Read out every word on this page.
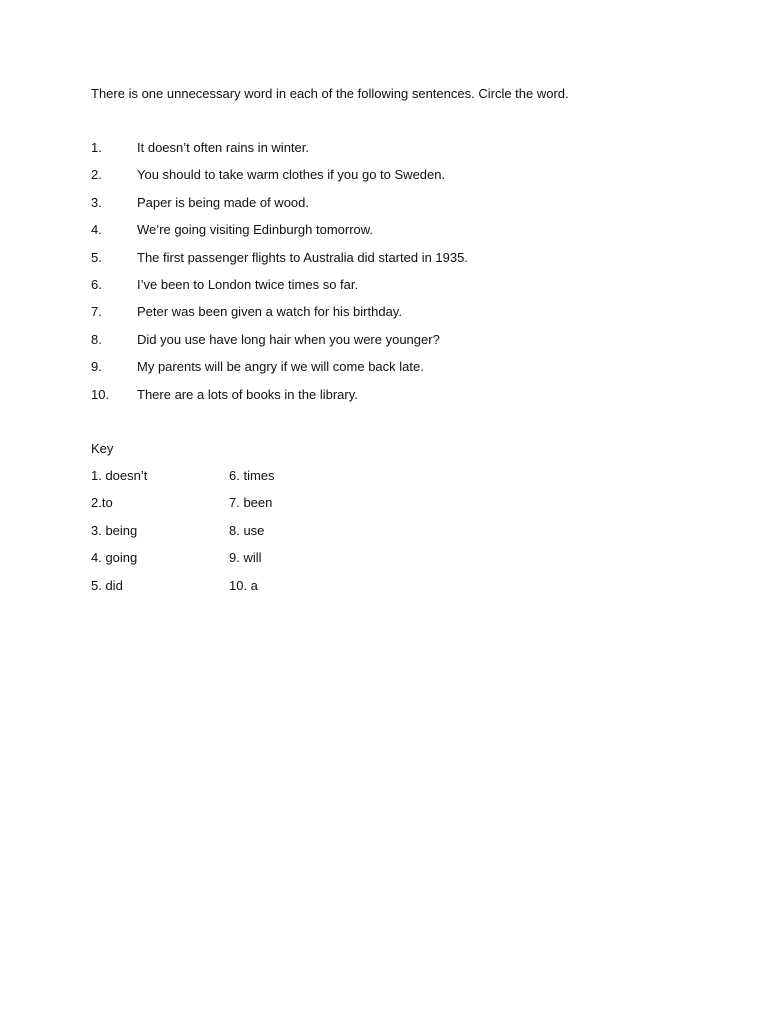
There is one unnecessary word in each of the following sentences. Circle the word.
1.	It doesn’t often rains in winter.
2.	You should to take warm clothes if you go to Sweden.
3.	Paper is being made of wood.
4.	We’re going visiting Edinburgh tomorrow.
5.	The first passenger flights to Australia did started in 1935.
6.	I’ve been to London twice times so far.
7.	Peter was been given a watch for his birthday.
8.	Did you use have long hair when you were younger?
9.	My parents will be angry if we will come back late.
10. There are a lots of books in the library.
Key
1. doesn’t	6. times
2.to	7. been
3. being	8. use
4. going	9. will
5. did	10. a
